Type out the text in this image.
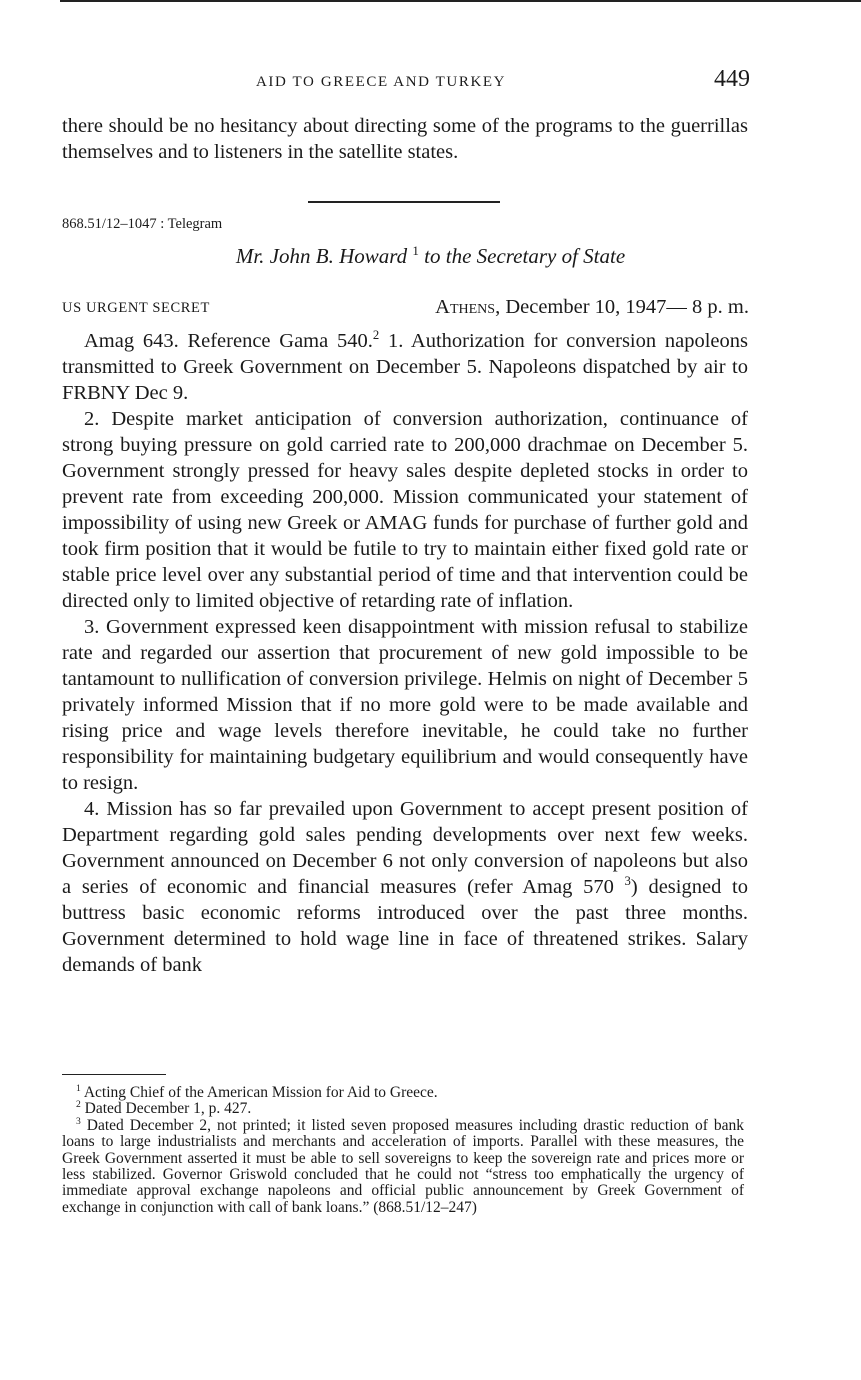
AID TO GREECE AND TURKEY	449

there should be no hesitancy about directing some of the programs to the guerrillas themselves and to listeners in the satellite states.

868.51/12–1047 : Telegram
Mr. John B. Howard $^1$ to the Secretary of State
US URGENT SECRET	Athens, December 10, 1947— 8 p. m.

Amag 643. Reference Gama 540.$^2$ 1. Authorization for conversion napoleons transmitted to Greek Government on December 5. Napoleons dispatched by air to FRBNY Dec 9.

2. Despite market anticipation of conversion authorization, continuance of strong buying pressure on gold carried rate to 200,000 drachmae on December 5. Government strongly pressed for heavy sales despite depleted stocks in order to prevent rate from exceeding 200,000. Mission communicated your statement of impossibility of using new Greek or AMAG funds for purchase of further gold and took firm position that it would be futile to try to maintain either fixed gold rate or stable price level over any substantial period of time and that intervention could be directed only to limited objective of retarding rate of inflation.

3. Government expressed keen disappointment with mission refusal to stabilize rate and regarded our assertion that procurement of new gold impossible to be tantamount to nullification of conversion privilege. Helmis on night of December 5 privately informed Mission that if no more gold were to be made available and rising price and wage levels therefore inevitable, he could take no further responsibility for maintaining budgetary equilibrium and would consequently have to resign.

4. Mission has so far prevailed upon Government to accept present position of Department regarding gold sales pending developments over next few weeks. Government announced on December 6 not only conversion of napoleons but also a series of economic and financial measures (refer Amag 570 $^3$) designed to buttress basic economic reforms introduced over the past three months. Government determined to hold wage line in face of threatened strikes. Salary demands of bank

$^1$ Acting Chief of the American Mission for Aid to Greece.

$^2$ Dated December 1, p. 427.

$^3$ Dated December 2, not printed; it listed seven proposed measures including drastic reduction of bank loans to large industrialists and merchants and acceleration of imports. Parallel with these measures, the Greek Government asserted it must be able to sell sovereigns to keep the sovereign rate and prices more or less stabilized. Governor Griswold concluded that he could not “stress too emphatically the urgency of immediate approval exchange napoleons and official public announcement by Greek Government of exchange in conjunction with call of bank loans.” (868.51/12–247)
